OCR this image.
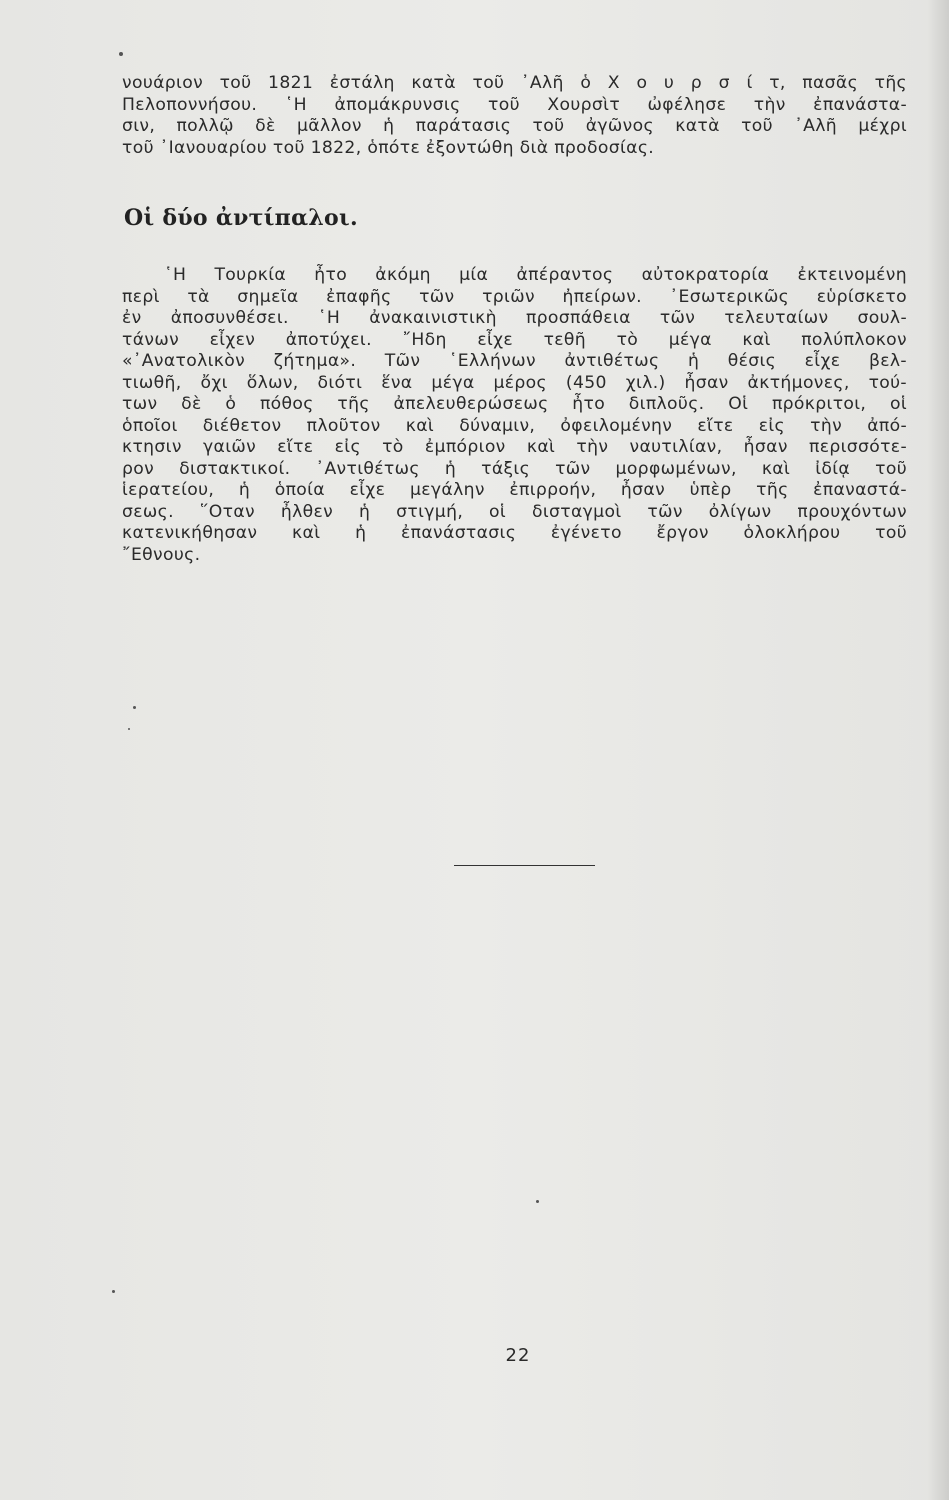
νουάριον τοῦ 1821 ἐστάλη κατὰ τοῦ ᾽Αλῆ ὁ Χ ο υ ρ σ ί τ, πασᾶς τῆς
Πελοποννήσου. ῾Η ἀπομάκρυνσις τοῦ Χουρσὶτ ὠφέλησε τὴν ἐπανάστα-
σιν, πολλῷ δὲ μᾶλλον ἡ παράτασις τοῦ ἀγῶνος κατὰ τοῦ ᾽Αλῆ μέχρι
τοῦ ᾽Ιανουαρίου τοῦ 1822, ὁπότε ἐξοντώθη διὰ προδοσίας.
Οἱ δύο ἀντίπαλοι.
῾Η Τουρκία ἦτο ἀκόμη μία ἀπέραντος αὐτοκρατορία ἐκτεινομένη
περὶ τὰ σημεῖα ἐπαφῆς τῶν τριῶν ἠπείρων. ᾽Εσωτερικῶς εὑρίσκετο
ἐν ἀποσυνθέσει. ῾Η ἀνακαινιστικὴ προσπάθεια τῶν τελευταίων σουλ-
τάνων εἶχεν ἀποτύχει. ῎Ηδη εἶχε τεθῆ τὸ μέγα καὶ πολύπλοκον
«᾽Ανατολικὸν ζήτημα». Τῶν ῾Ελλήνων ἀντιθέτως ἡ θέσις εἶχε βελ-
τιωθῆ, ὄχι ὅλων, διότι ἕνα μέγα μέρος (450 χιλ.) ἦσαν ἀκτήμονες, τού-
των δὲ ὁ πόθος τῆς ἀπελευθερώσεως ἦτο διπλοῦς. Οἱ πρόκριτοι, οἱ
ὁποῖοι διέθετον πλοῦτον καὶ δύναμιν, ὀφειλομένην εἴτε εἰς τὴν ἀπό-
κτησιν γαιῶν εἴτε εἰς τὸ ἐμπόριον καὶ τὴν ναυτιλίαν, ἦσαν περισσότε-
ρον διστακτικοί. ᾽Αντιθέτως ἡ τάξις τῶν μορφωμένων, καὶ ἰδίᾳ τοῦ
ἱερατείου, ἡ ὁποία εἶχε μεγάλην ἐπιρροήν, ἦσαν ὑπὲρ τῆς ἐπαναστά-
σεως. ῞Οταν ἦλθεν ἡ στιγμή, οἱ δισταγμοὶ τῶν ὀλίγων προυχόντων
κατενικήθησαν καὶ ἡ ἐπανάστασις ἐγένετο ἔργον ὁλοκλήρου τοῦ
῎Εθνους.
22
